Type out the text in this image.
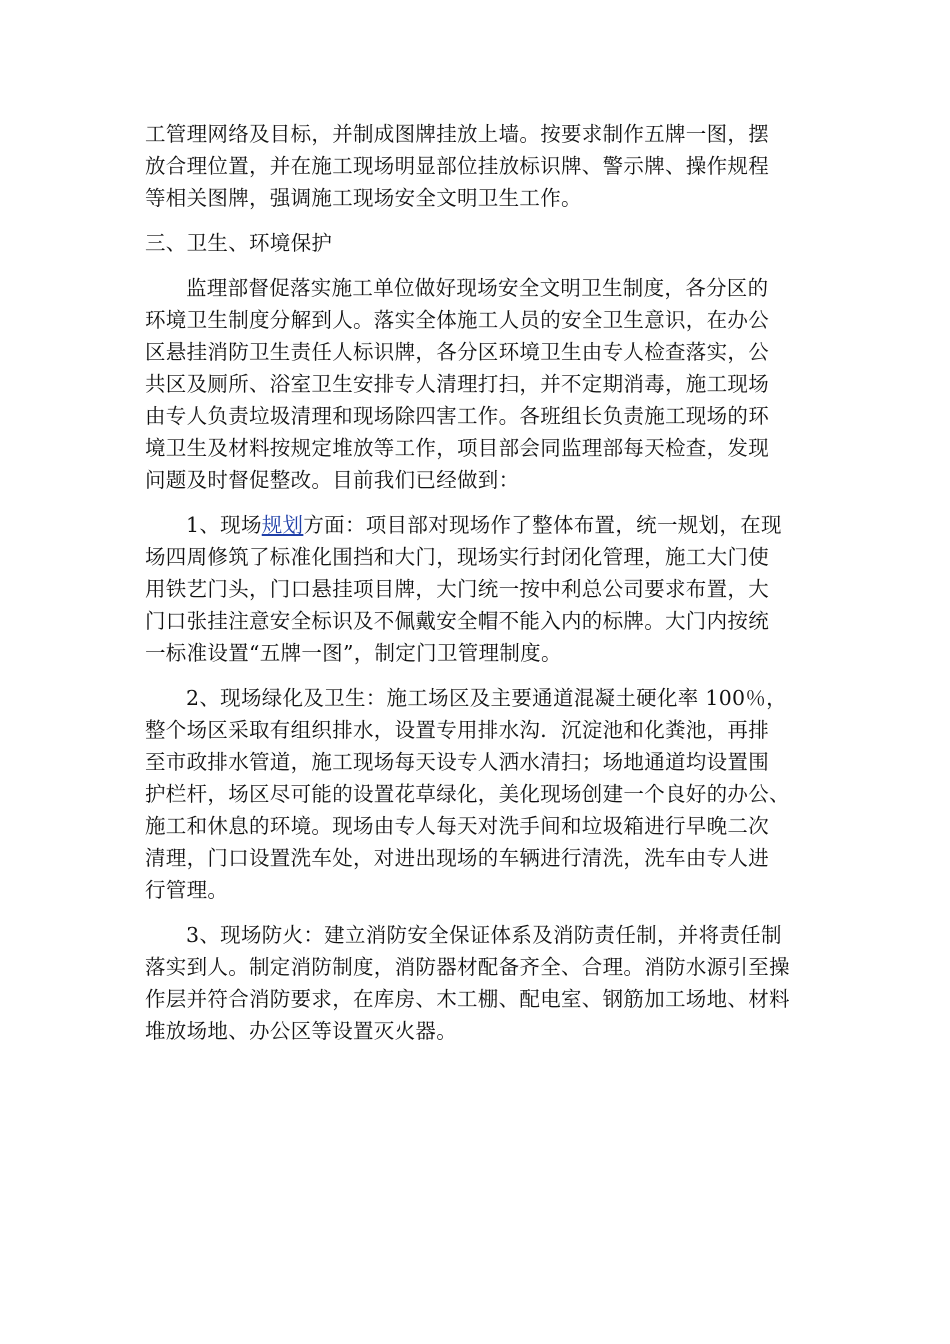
工管理网络及目标，并制成图牌挂放上墙。按要求制作五牌一图，摆
放合理位置，并在施工现场明显部位挂放标识牌、警示牌、操作规程
等相关图牌，强调施工现场安全文明卫生工作。
三、卫生、环境保护
监理部督促落实施工单位做好现场安全文明卫生制度，各分区的
环境卫生制度分解到人。落实全体施工人员的安全卫生意识，在办公
区悬挂消防卫生责任人标识牌，各分区环境卫生由专人检查落实，公
共区及厕所、浴室卫生安排专人清理打扫，并不定期消毒，施工现场
由专人负责垃圾清理和现场除四害工作。各班组长负责施工现场的环
境卫生及材料按规定堆放等工作，项目部会同监理部每天检查，发现
问题及时督促整改。目前我们已经做到：
1、现场规划方面：项目部对现场作了整体布置，统一规划，在现
场四周修筑了标准化围挡和大门，现场实行封闭化管理，施工大门使
用铁艺门头，门口悬挂项目牌，大门统一按中利总公司要求布置，大
门口张挂注意安全标识及不佩戴安全帽不能入内的标牌。大门内按统
一标准设置“五牌一图”，制定门卫管理制度。
2、现场绿化及卫生：施工场区及主要通道混凝土硬化率 100％，
整个场区采取有组织排水，设置专用排水沟．沉淀池和化粪池，再排
至市政排水管道，施工现场每天设专人洒水清扫；场地通道均设置围
护栏杆，场区尽可能的设置花草绿化，美化现场创建一个良好的办公、
施工和休息的环境。现场由专人每天对洗手间和垃圾箱进行早晚二次
清理，门口设置洗车处，对进出现场的车辆进行清洗，洗车由专人进
行管理。
3、现场防火：建立消防安全保证体系及消防责任制，并将责任制
落实到人。制定消防制度，消防器材配备齐全、合理。消防水源引至操
作层并符合消防要求，在库房、木工棚、配电室、钢筋加工场地、材料
堆放场地、办公区等设置灭火器。
